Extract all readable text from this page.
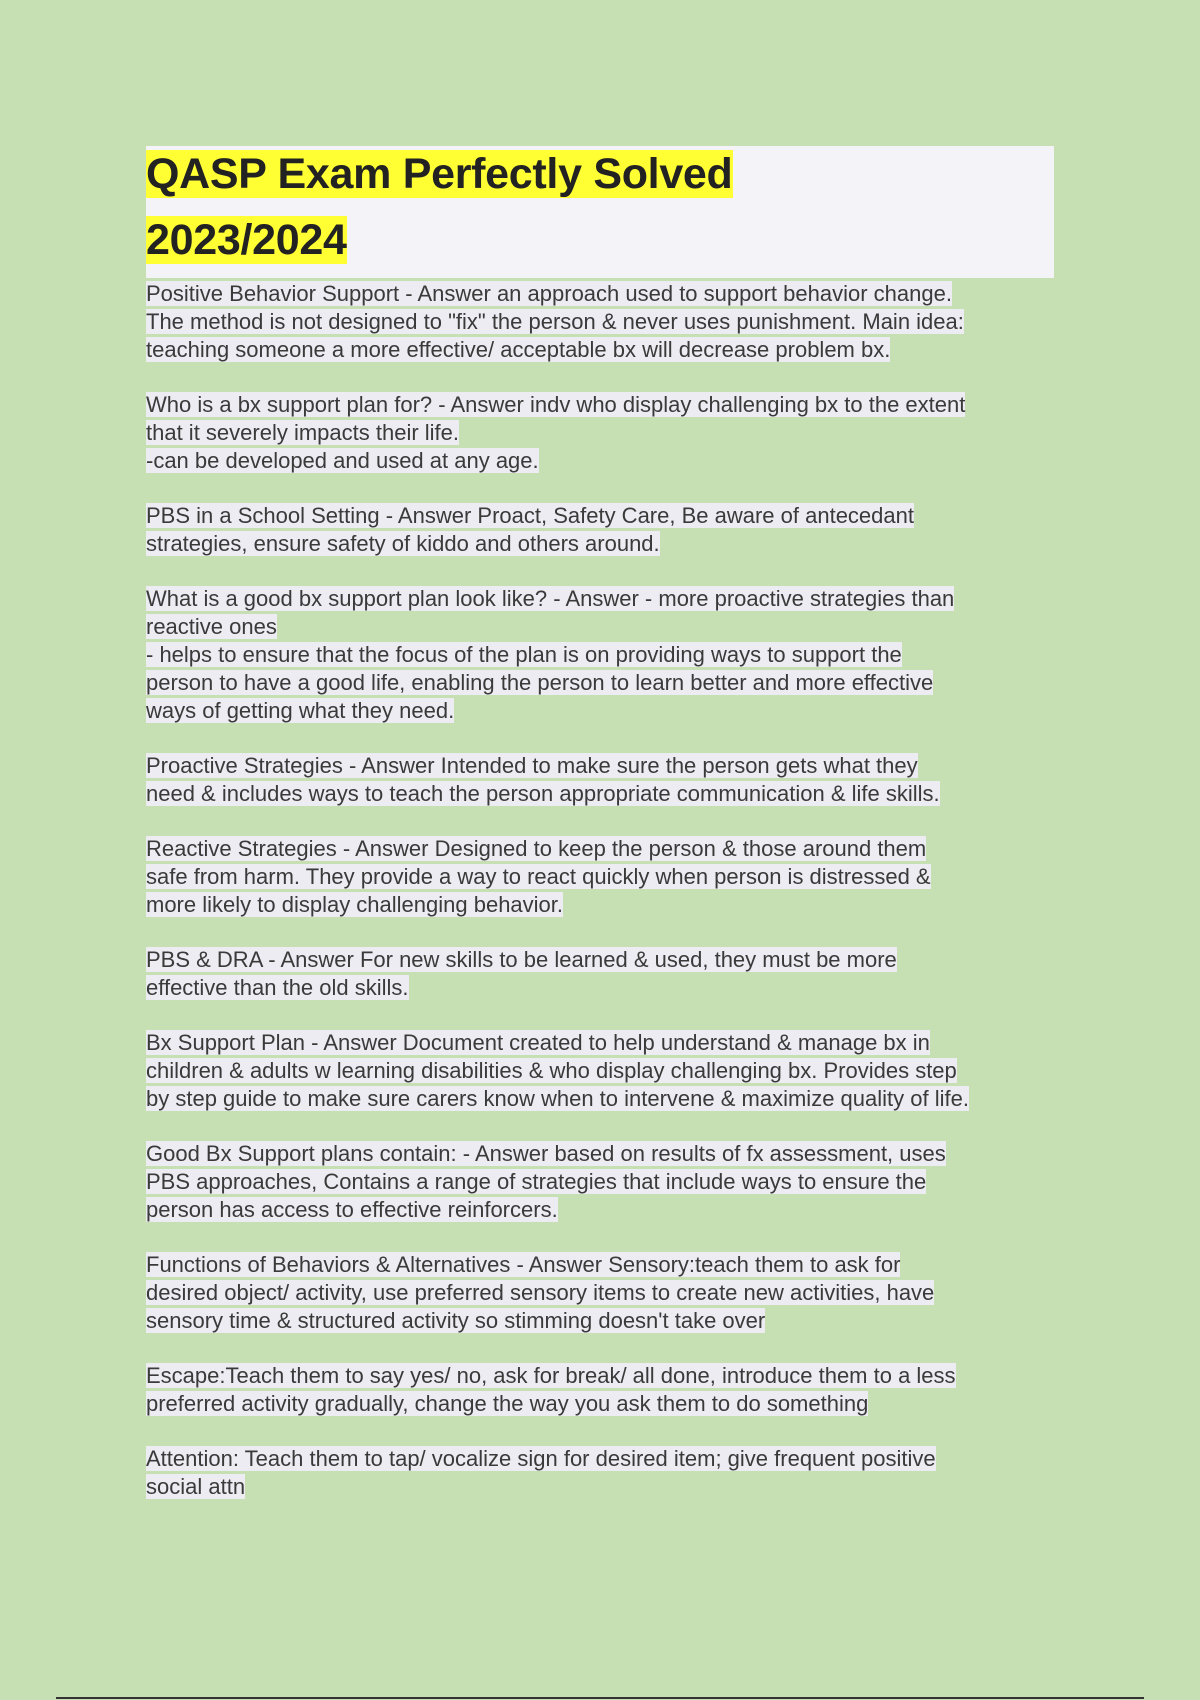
QASP Exam Perfectly Solved
2023/2024

Positive Behavior Support - Answer an approach used to support behavior change.
The method is not designed to "fix" the person & never uses punishment. Main idea:
teaching someone a more effective/ acceptable bx will decrease problem bx.

Who is a bx support plan for? - Answer indv who display challenging bx to the extent
that it severely impacts their life.
-can be developed and used at any age.

PBS in a School Setting - Answer Proact, Safety Care, Be aware of antecedant
strategies, ensure safety of kiddo and others around.

What is a good bx support plan look like? - Answer - more proactive strategies than
reactive ones
- helps to ensure that the focus of the plan is on providing ways to support the
person to have a good life, enabling the person to learn better and more effective
ways of getting what they need.

Proactive Strategies - Answer Intended to make sure the person gets what they
need & includes ways to teach the person appropriate communication & life skills.

Reactive Strategies - Answer Designed to keep the person & those around them
safe from harm. They provide a way to react quickly when person is distressed &
more likely to display challenging behavior.

PBS & DRA - Answer For new skills to be learned & used, they must be more
effective than the old skills.

Bx Support Plan - Answer Document created to help understand & manage bx in
children & adults w learning disabilities & who display challenging bx. Provides step
by step guide to make sure carers know when to intervene & maximize quality of life.

Good Bx Support plans contain: - Answer based on results of fx assessment, uses
PBS approaches, Contains a range of strategies that include ways to ensure the
person has access to effective reinforcers.

Functions of Behaviors & Alternatives - Answer Sensory:teach them to ask for
desired object/ activity, use preferred sensory items to create new activities, have
sensory time & structured activity so stimming doesn't take over

Escape:Teach them to say yes/ no, ask for break/ all done, introduce them to a less
preferred activity gradually, change the way you ask them to do something

Attention: Teach them to tap/ vocalize sign for desired item; give frequent positive
social attn
